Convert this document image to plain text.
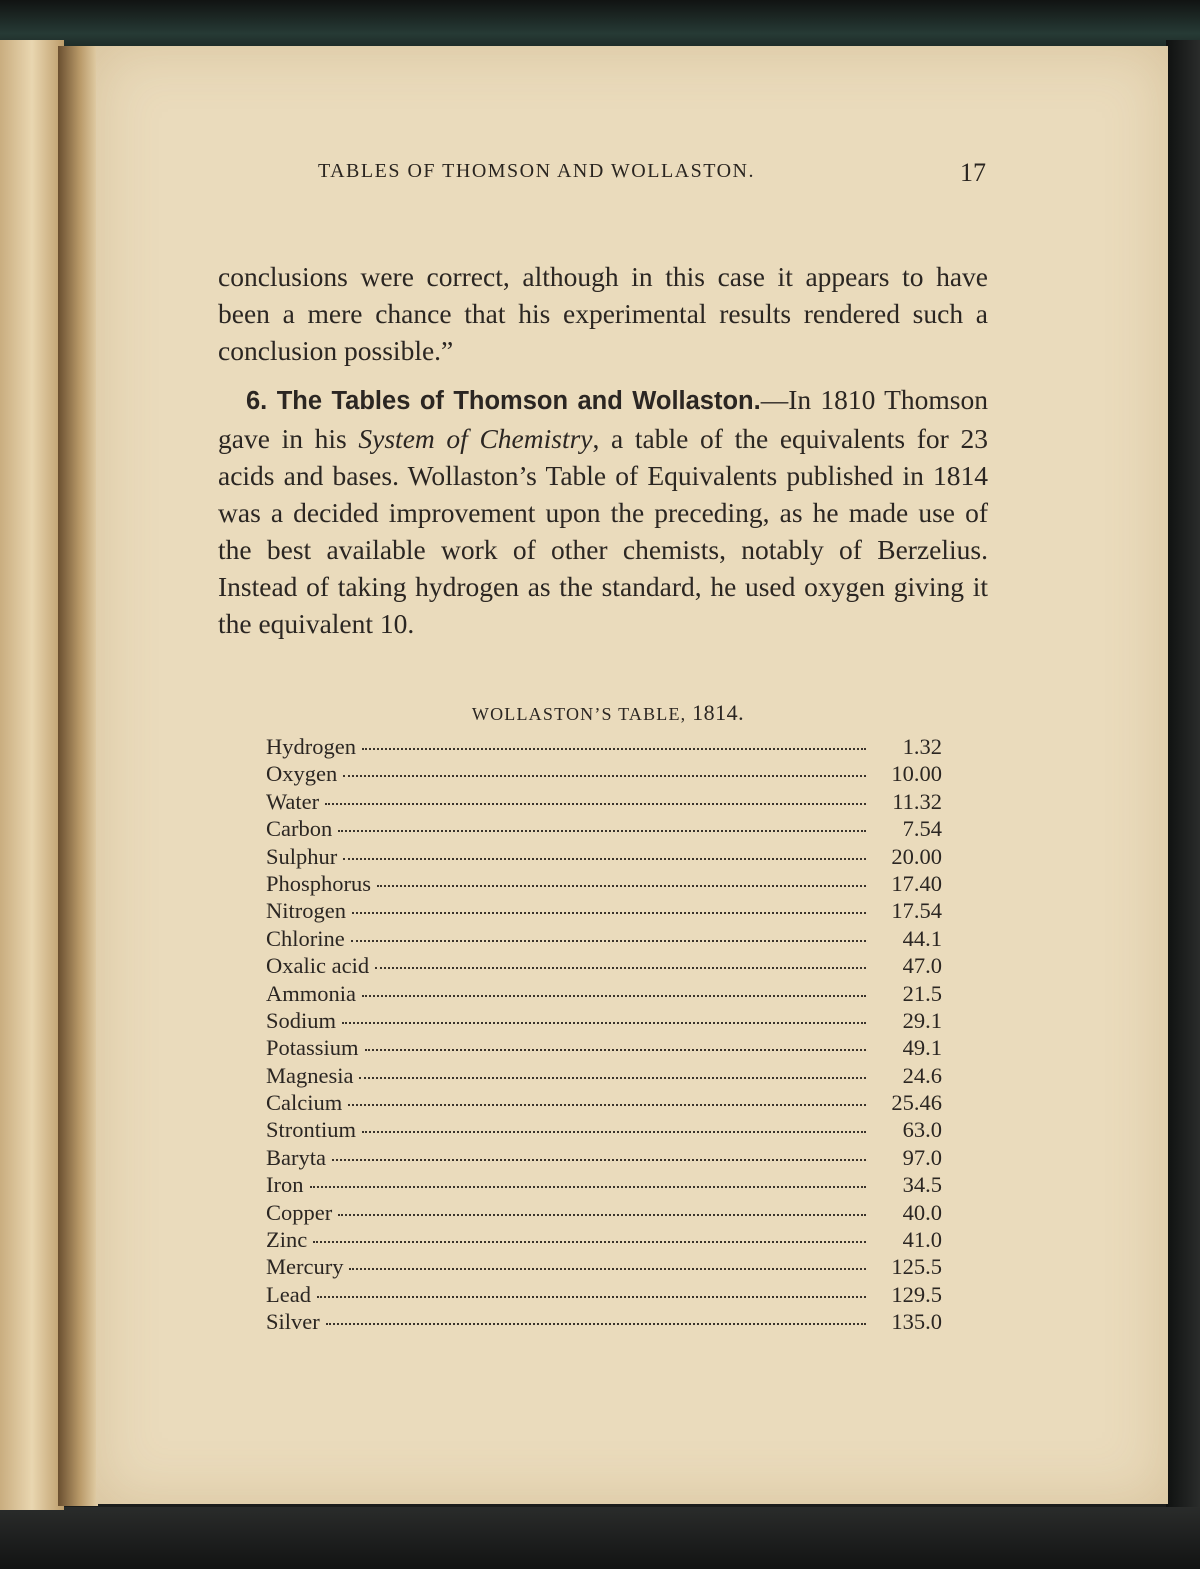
TABLES OF THOMSON AND WOLLASTON.	17

conclusions were correct, although in this case it appears to have been a mere chance that his experimental results rendered such a conclusion possible.”

6. The Tables of Thomson and Wollaston.—In 1810 Thomson gave in his System of Chemistry, a table of the equivalents for 23 acids and bases. Wollaston’s Table of Equivalents published in 1814 was a decided improvement upon the preceding, as he made use of the best available work of other chemists, notably of Berzelius. Instead of taking hydrogen as the standard, he used oxygen giving it the equivalent 10.

WOLLASTON’S TABLE, 1814.
Hydrogen	1.32
Oxygen	10.00
Water	11.32
Carbon	7.54
Sulphur	20.00
Phosphorus	17.40
Nitrogen	17.54
Chlorine	44.1
Oxalic acid	47.0
Ammonia	21.5
Sodium	29.1
Potassium	49.1
Magnesia	24.6
Calcium	25.46
Strontium	63.0
Baryta	97.0
Iron	34.5
Copper	40.0
Zinc	41.0
Mercury	125.5
Lead	129.5
Silver	135.0
